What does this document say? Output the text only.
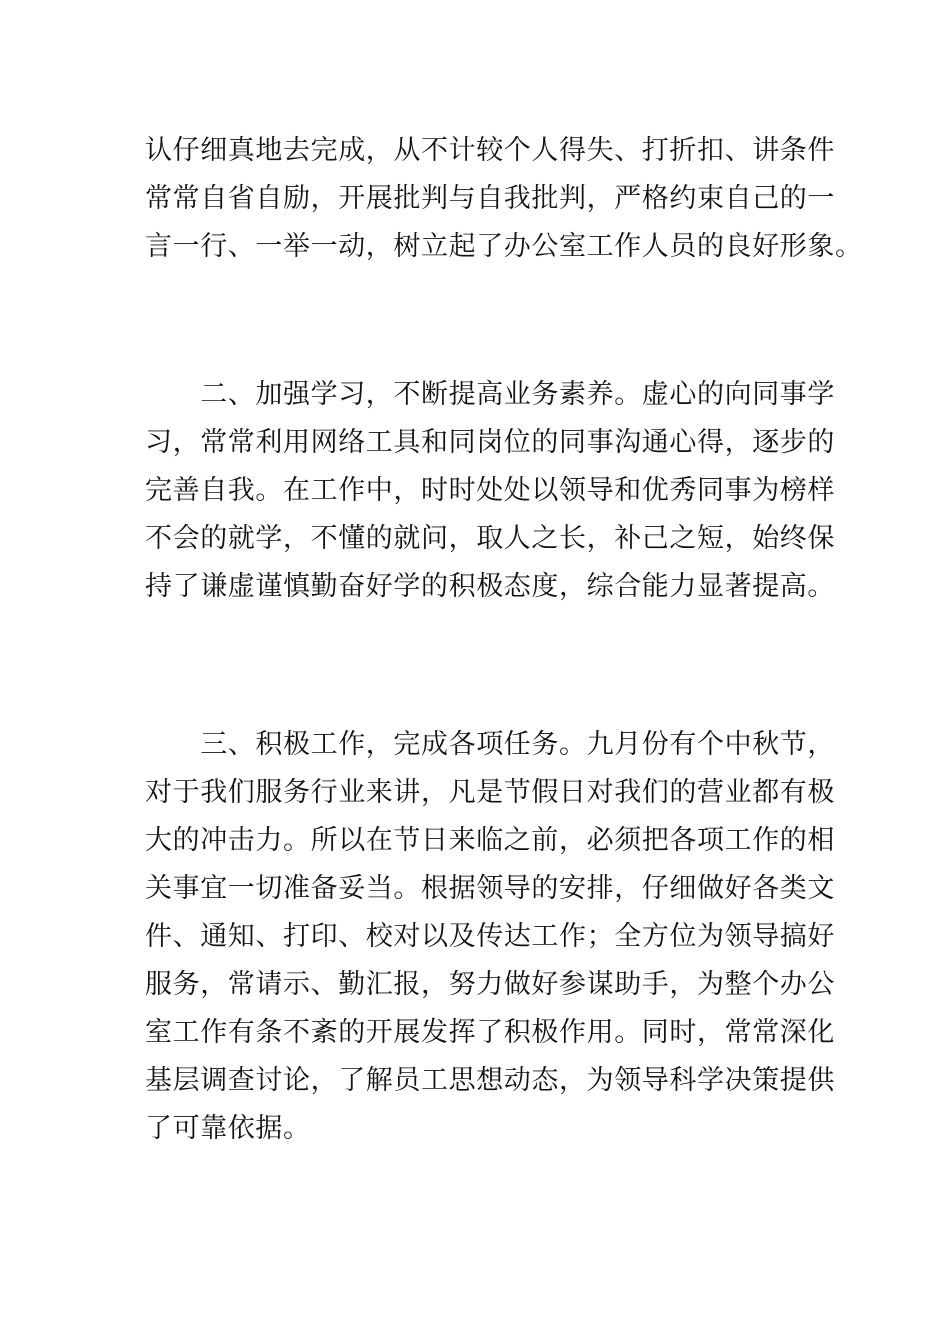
认仔细真地去完成，从不计较个人得失、打折扣、讲条件
常常自省自励，开展批判与自我批判，严格约束自己的一
言一行、一举一动，树立起了办公室工作人员的良好形象。
　　二、加强学习，不断提高业务素养。虚心的向同事学
习，常常利用网络工具和同岗位的同事沟通心得，逐步的
完善自我。在工作中，时时处处以领导和优秀同事为榜样
不会的就学，不懂的就问，取人之长，补己之短，始终保
持了谦虚谨慎勤奋好学的积极态度，综合能力显著提高。
　　三、积极工作，完成各项任务。九月份有个中秋节，
对于我们服务行业来讲，凡是节假日对我们的营业都有极
大的冲击力。所以在节日来临之前，必须把各项工作的相
关事宜一切准备妥当。根据领导的安排，仔细做好各类文
件、通知、打印、校对以及传达工作；全方位为领导搞好
服务，常请示、勤汇报，努力做好参谋助手，为整个办公
室工作有条不紊的开展发挥了积极作用。同时，常常深化
基层调查讨论，了解员工思想动态，为领导科学决策提供
了可靠依据。
